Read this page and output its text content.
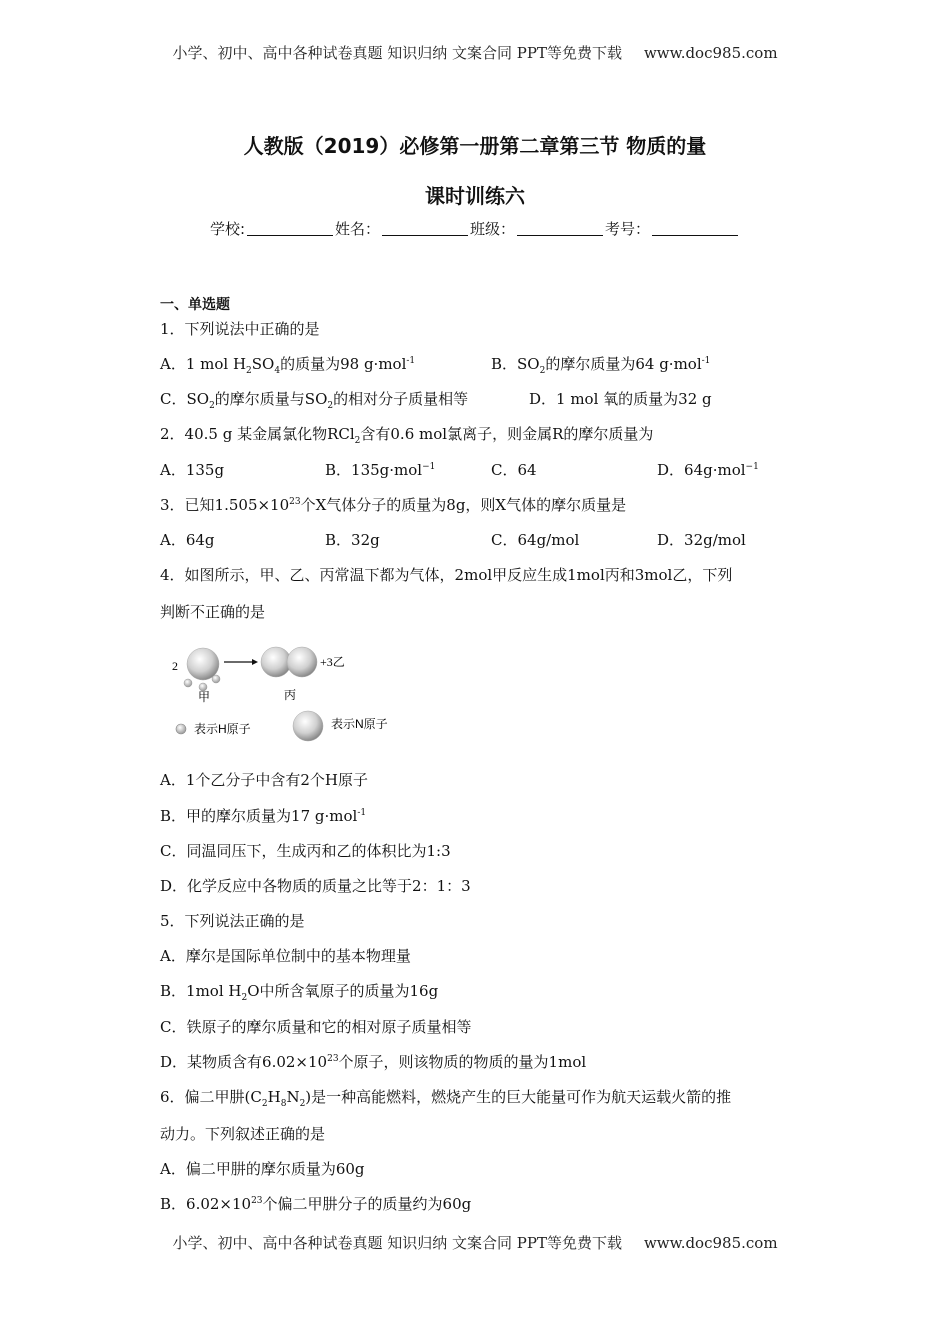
小学、初中、高中各种试卷真题 知识归纳 文案合同 PPT等免费下载 www.doc985.com
人教版（2019）必修第一册第二章第三节 物质的量
课时训练六
学校:	姓名：	班级：	考号：
一、单选题
1．下列说法中正确的是
A．1 mol $H_2SO_4$的质量为98 g·mol$^{-1}$	B．$SO_2$的摩尔质量为64 g·mol$^{-1}$
C．$SO_2$的摩尔质量与$SO_2$的相对分子质量相等	D．1 mol 氧的质量为32 g
2．40.5 g 某金属氯化物RCl$_2$含有0.6 mol氯离子，则金属R的摩尔质量为
A．135g	B．135g·mol$^{-1}$	C．64	D．64g·mol$^{-1}$
3．已知$1.505\times 10^{23}$个X气体分子的质量为8g，则X气体的摩尔质量是
A．64g	B．32g	C．64g/mol	D．32g/mol
4．如图所示，甲、乙、丙常温下都为气体，2mol甲反应生成1mol丙和3mol乙，下列
判断不正确的是
2	+3乙
甲	丙
表示H原子	表示N原子
A．1个乙分子中含有2个H原子
B．甲的摩尔质量为17 g·mol$^{-1}$
C．同温同压下，生成丙和乙的体积比为1:3
D．化学反应中各物质的质量之比等于2：1：3
5．下列说法正确的是
A．摩尔是国际单位制中的基本物理量
B．1mol $H_2O$中所含氧原子的质量为16g
C．铁原子的摩尔质量和它的相对原子质量相等
D．某物质含有$6.02\times 10^{23}$个原子，则该物质的物质的量为1mol
6．偏二甲肼$(C_2H_8N_2)$是一种高能燃料，燃烧产生的巨大能量可作为航天运载火箭的推
动力。下列叙述正确的是
A．偏二甲肼的摩尔质量为60g
B．$6.02\times 10^{23}$个偏二甲肼分子的质量约为60g
小学、初中、高中各种试卷真题 知识归纳 文案合同 PPT等免费下载 www.doc985.com
